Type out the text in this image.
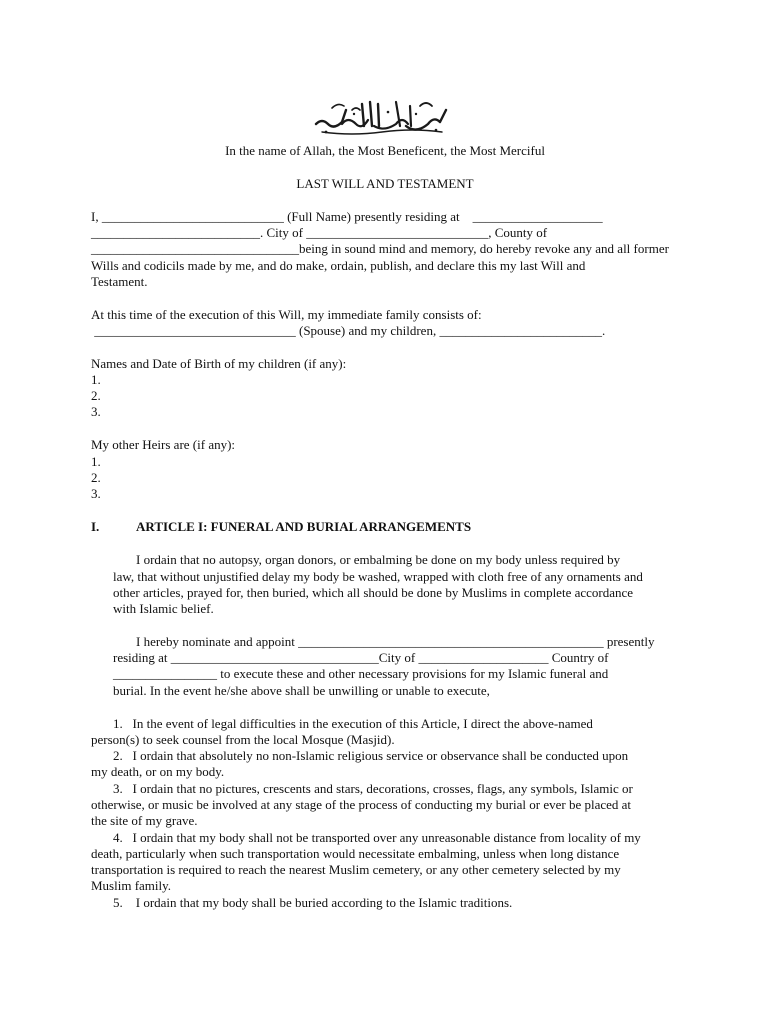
In the name of Allah, the Most Beneficent, the Most Merciful
LAST WILL AND TESTAMENT
I, ____________________________ (Full Name) presently residing at    ____________________
__________________________. City of ____________________________, County of
________________________________being in sound mind and memory, do hereby revoke any and all former
Wills and codicils made by me, and do make, ordain, publish, and declare this my last Will and
Testament.
At this time of the execution of this Will, my immediate family consists of:
_______________________________ (Spouse) and my children, _________________________.
Names and Date of Birth of my children (if any):
1.
2.
3.
My other Heirs are (if any):
1.
2.
3.
I.	ARTICLE I: FUNERAL AND BURIAL ARRANGEMENTS
I ordain that no autopsy, organ donors, or embalming be done on my body unless required by
law, that without unjustified delay my body be washed, wrapped with cloth free of any ornaments and
other articles, prayed for, then buried, which all should be done by Muslims in complete accordance
with Islamic belief.
I hereby nominate and appoint _______________________________________________ presently
residing at ________________________________City of ____________________ Country of
________________ to execute these and other necessary provisions for my Islamic funeral and
burial. In the event he/she above shall be unwilling or unable to execute,
1.   In the event of legal difficulties in the execution of this Article, I direct the above-named
person(s) to seek counsel from the local Mosque (Masjid).
2.   I ordain that absolutely no non-Islamic religious service or observance shall be conducted upon
my death, or on my body.
3.   I ordain that no pictures, crescents and stars, decorations, crosses, flags, any symbols, Islamic or
otherwise, or music be involved at any stage of the process of conducting my burial or ever be placed at
the site of my grave.
4.   I ordain that my body shall not be transported over any unreasonable distance from locality of my
death, particularly when such transportation would necessitate embalming, unless when long distance
transportation is required to reach the nearest Muslim cemetery, or any other cemetery selected by my
Muslim family.
5.    I ordain that my body shall be buried according to the Islamic traditions.
